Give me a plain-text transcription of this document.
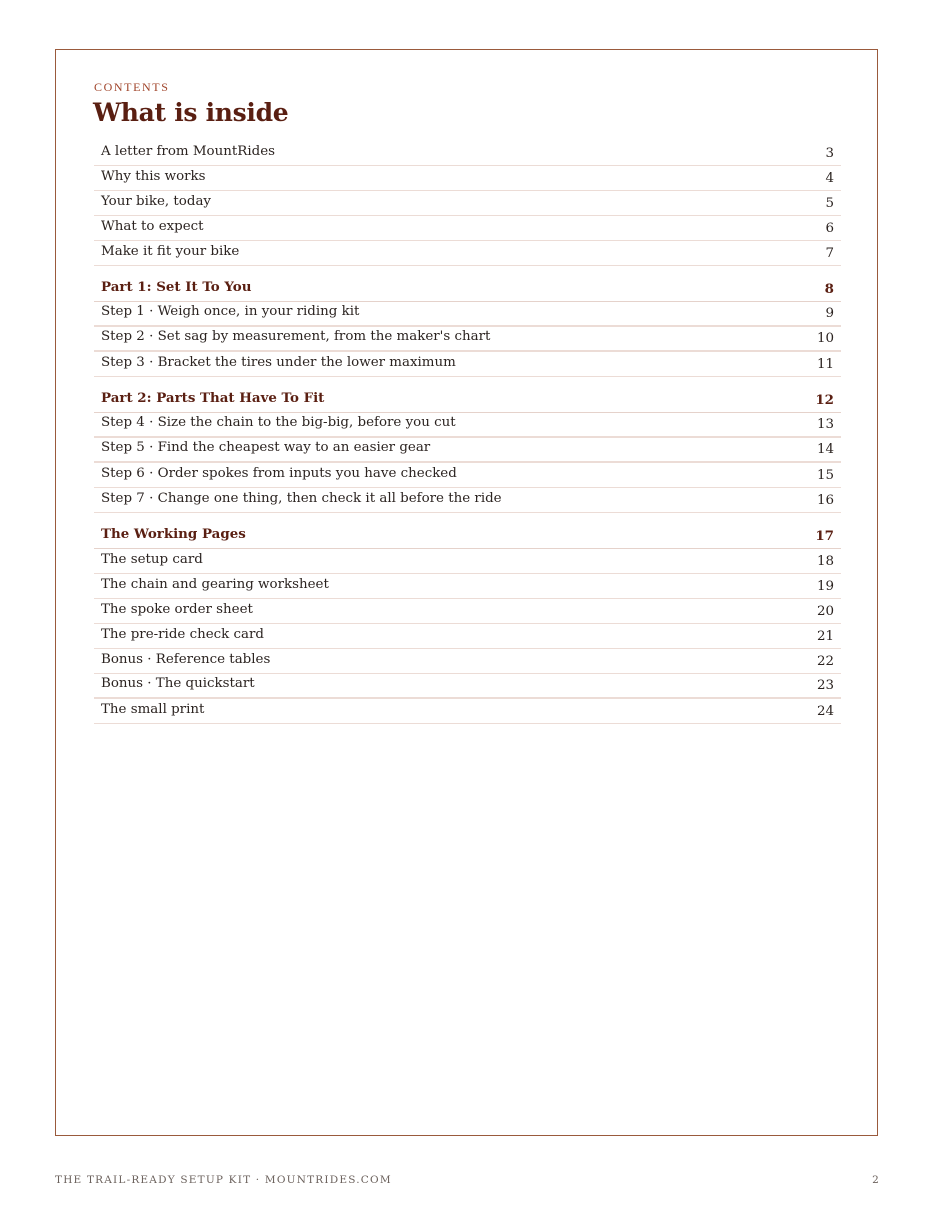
CONTENTS
What is inside
A letter from MountRides	3
Why this works	4
Your bike, today	5
What to expect	6
Make it fit your bike	7
Part 1: Set It To You	8
Step 1 · Weigh once, in your riding kit	9
Step 2 · Set sag by measurement, from the maker's chart	10
Step 3 · Bracket the tires under the lower maximum	11
Part 2: Parts That Have To Fit	12
Step 4 · Size the chain to the big-big, before you cut	13
Step 5 · Find the cheapest way to an easier gear	14
Step 6 · Order spokes from inputs you have checked	15
Step 7 · Change one thing, then check it all before the ride	16
The Working Pages	17
The setup card	18
The chain and gearing worksheet	19
The spoke order sheet	20
The pre-ride check card	21
Bonus · Reference tables	22
Bonus · The quickstart	23
The small print	24
THE TRAIL-READY SETUP KIT · MOUNTRIDES.COM	2
